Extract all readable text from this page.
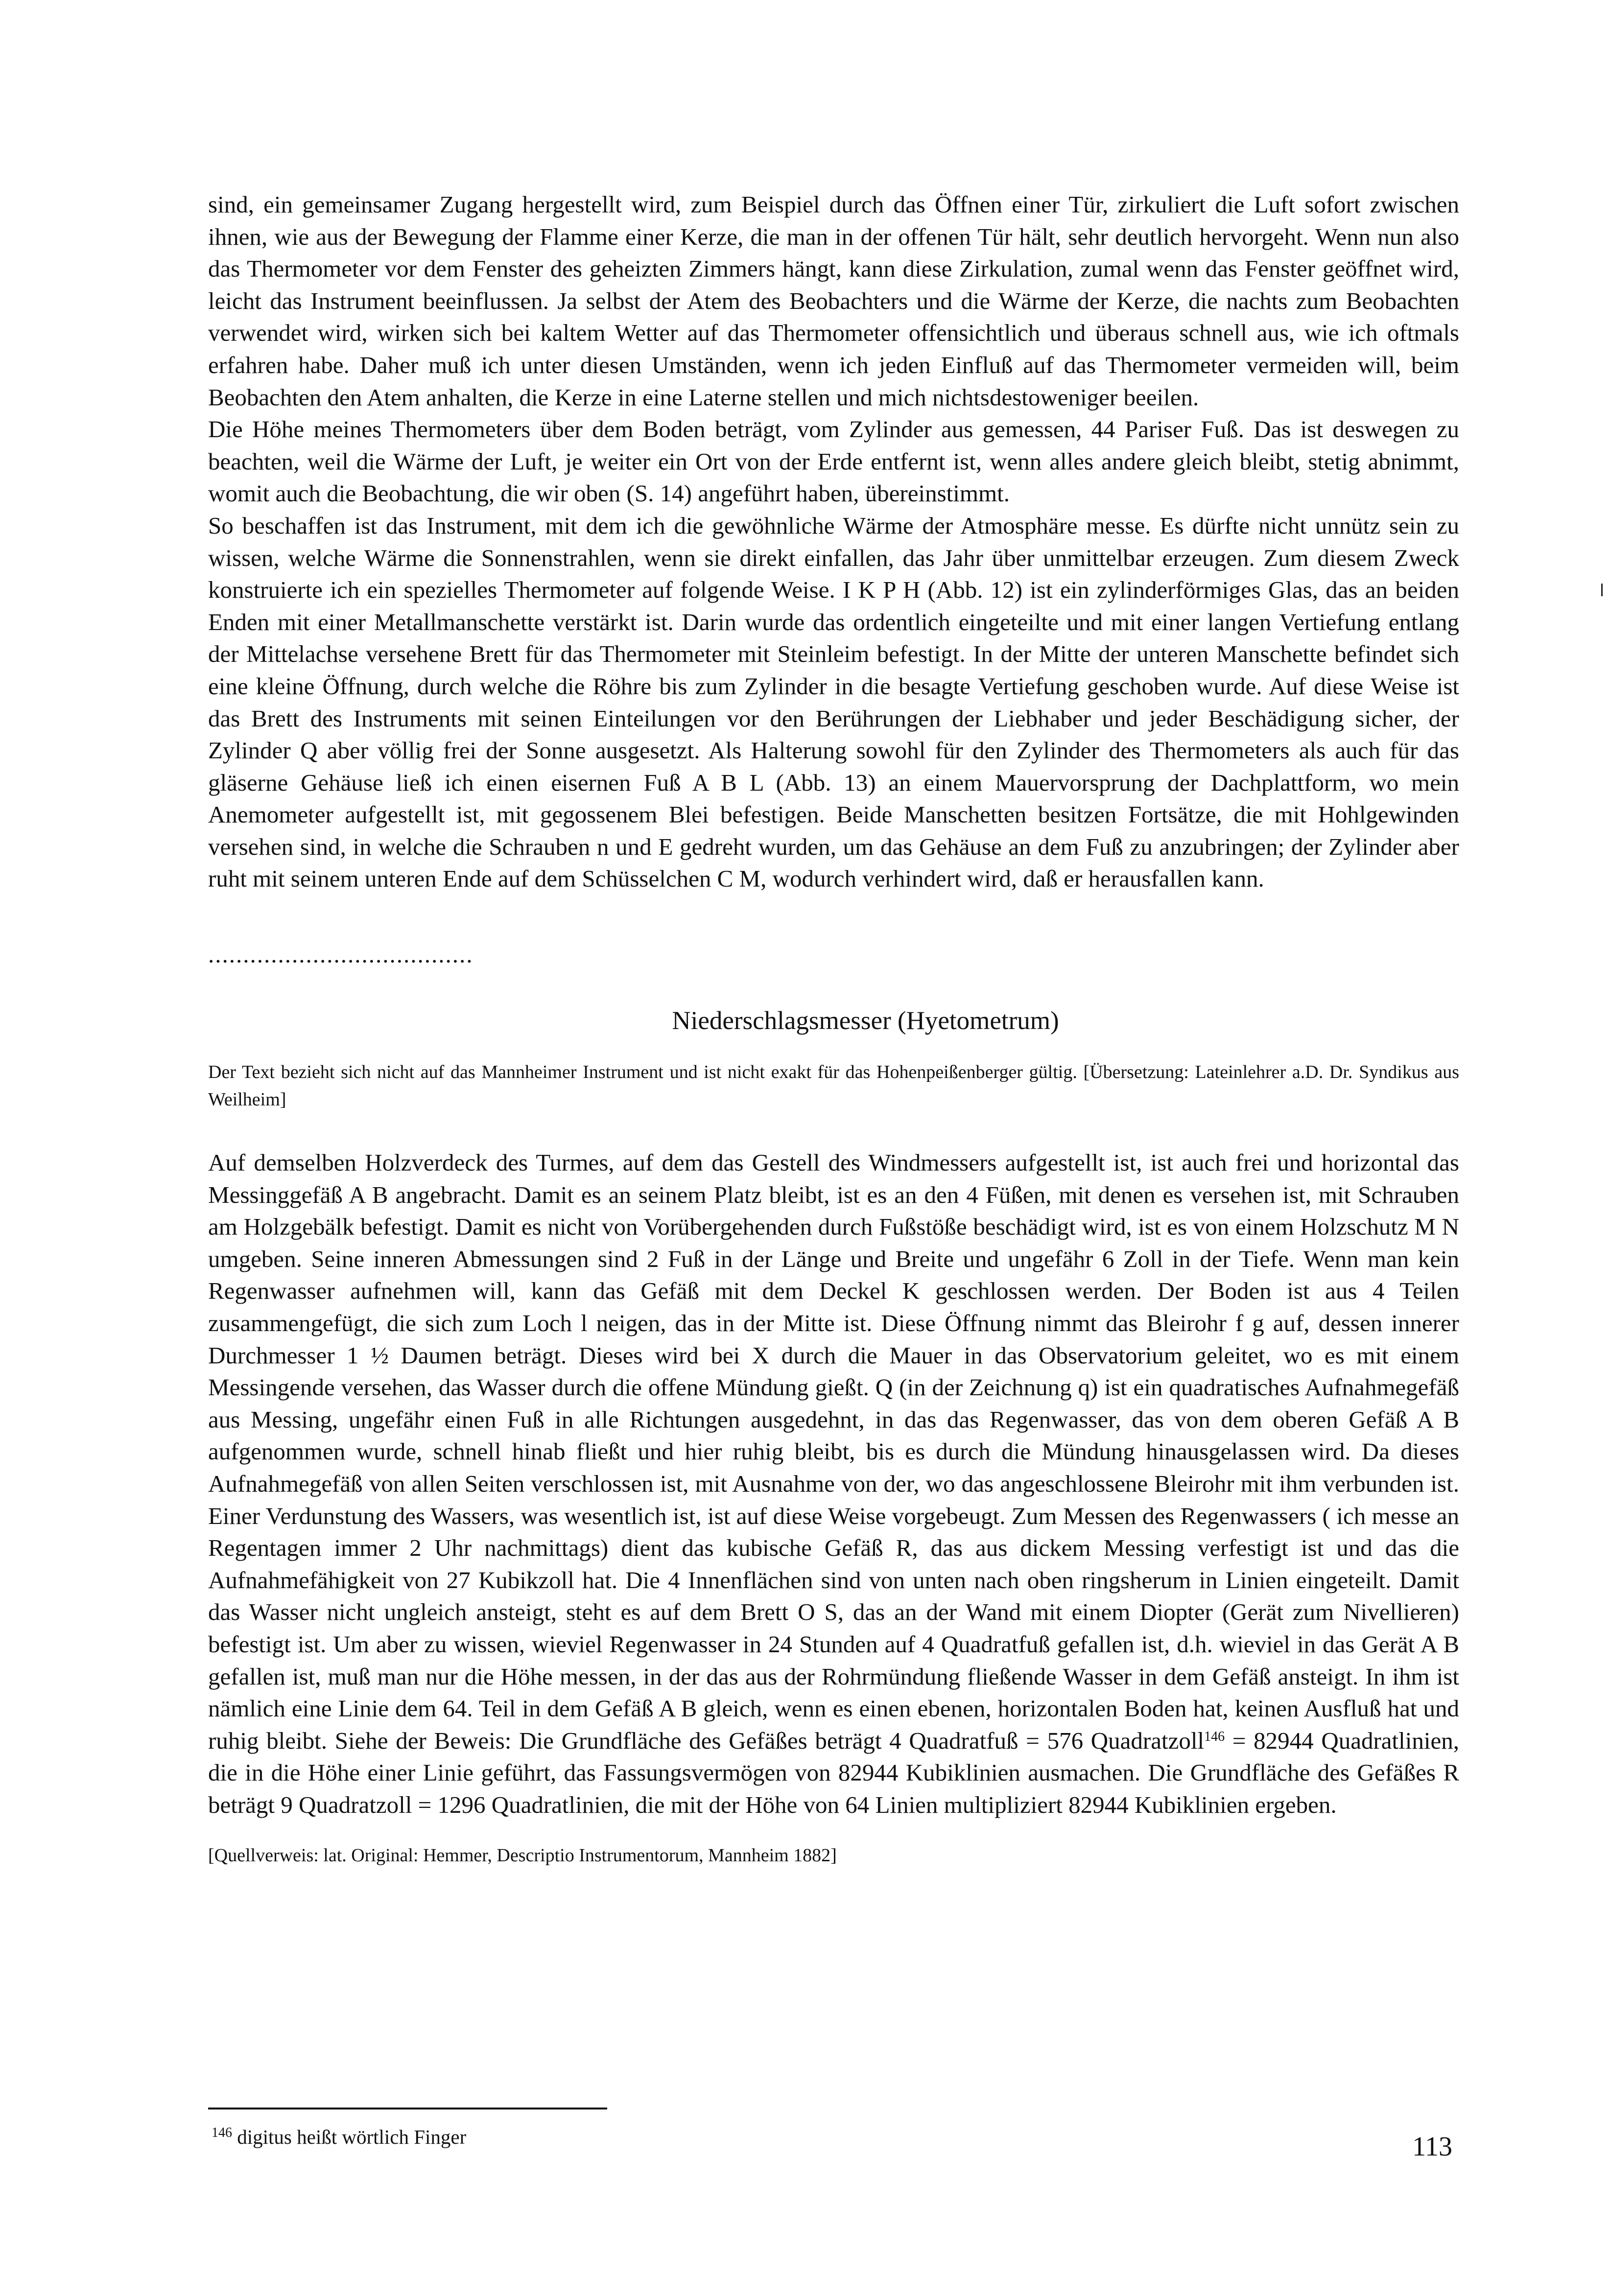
sind, ein gemeinsamer Zugang hergestellt wird, zum Beispiel durch das Öffnen einer Tür, zirkuliert die Luft sofort zwischen ihnen, wie aus der Bewegung der Flamme einer Kerze, die man in der offenen Tür hält, sehr deutlich hervorgeht. Wenn nun also das Thermometer vor dem Fenster des geheizten Zimmers hängt, kann diese Zirkulation, zumal wenn das Fenster geöffnet wird, leicht das Instrument beeinflussen. Ja selbst der Atem des Beobachters und die Wärme der Kerze, die nachts zum Beobachten verwendet wird, wirken sich bei kaltem Wetter auf das Thermometer offensichtlich und überaus schnell aus, wie ich oftmals erfahren habe. Daher muß ich unter diesen Umständen, wenn ich jeden Einfluß auf das Thermometer vermeiden will, beim Beobachten den Atem anhalten, die Kerze in eine Laterne stellen und mich nichtsdestoweniger beeilen.

Die Höhe meines Thermometers über dem Boden beträgt, vom Zylinder aus gemessen, 44 Pariser Fuß. Das ist deswegen zu beachten, weil die Wärme der Luft, je weiter ein Ort von der Erde entfernt ist, wenn alles andere gleich bleibt, stetig abnimmt, womit auch die Beobachtung, die wir oben (S. 14) angeführt haben, übereinstimmt.

So beschaffen ist das Instrument, mit dem ich die gewöhnliche Wärme der Atmosphäre messe. Es dürfte nicht unnütz sein zu wissen, welche Wärme die Sonnenstrahlen, wenn sie direkt einfallen, das Jahr über unmittelbar erzeugen. Zum diesem Zweck konstruierte ich ein spezielles Thermometer auf folgende Weise. I K P H (Abb. 12) ist ein zylinderförmiges Glas, das an beiden Enden mit einer Metallmanschette verstärkt ist. Darin wurde das ordentlich eingeteilte und mit einer langen Vertiefung entlang der Mittelachse versehene Brett für das Thermometer mit Steinleim befestigt. In der Mitte der unteren Manschette befindet sich eine kleine Öffnung, durch welche die Röhre bis zum Zylinder in die besagte Vertiefung geschoben wurde. Auf diese Weise ist das Brett des Instruments mit seinen Einteilungen vor den Berührungen der Liebhaber und jeder Beschädigung sicher, der Zylinder Q aber völlig frei der Sonne ausgesetzt. Als Halterung sowohl für den Zylinder des Thermometers als auch für das gläserne Gehäuse ließ ich einen eisernen Fuß A B L (Abb. 13) an einem Mauervorsprung der Dachplattform, wo mein Anemometer aufgestellt ist, mit gegossenem Blei befestigen. Beide Manschetten besitzen Fortsätze, die mit Hohlgewinden versehen sind, in welche die Schrauben n und E gedreht wurden, um das Gehäuse an dem Fuß zu anzubringen; der Zylinder aber ruht mit seinem unteren Ende auf dem Schüsselchen C M, wodurch verhindert wird, daß er herausfallen kann.

......................................
Niederschlagsmesser (Hyetometrum)
Der Text bezieht sich nicht auf das Mannheimer Instrument und ist nicht exakt für das Hohenpeißenberger gültig. [Übersetzung: Lateinlehrer a.D. Dr. Syndikus aus Weilheim]

Auf demselben Holzverdeck des Turmes, auf dem das Gestell des Windmessers aufgestellt ist, ist auch frei und horizontal das Messinggefäß A B angebracht. Damit es an seinem Platz bleibt, ist es an den 4 Füßen, mit denen es versehen ist, mit Schrauben am Holzgebälk befestigt. Damit es nicht von Vorübergehenden durch Fußstöße beschädigt wird, ist es von einem Holzschutz M N umgeben. Seine inneren Abmessungen sind 2 Fuß in der Länge und Breite und ungefähr 6 Zoll in der Tiefe. Wenn man kein Regenwasser aufnehmen will, kann das Gefäß mit dem Deckel K geschlossen werden. Der Boden ist aus 4 Teilen zusammengefügt, die sich zum Loch l neigen, das in der Mitte ist. Diese Öffnung nimmt das Bleirohr f g auf, dessen innerer Durchmesser 1 ½ Daumen beträgt. Dieses wird bei X durch die Mauer in das Observatorium geleitet, wo es mit einem Messingende versehen, das Wasser durch die offene Mündung gießt. Q (in der Zeichnung q) ist ein quadratisches Aufnahmegefäß aus Messing, ungefähr einen Fuß in alle Richtungen ausgedehnt, in das das Regenwasser, das von dem oberen Gefäß A B aufgenommen wurde, schnell hinab fließt und hier ruhig bleibt, bis es durch die Mündung hinausgelassen wird. Da dieses Aufnahmegefäß von allen Seiten verschlossen ist, mit Ausnahme von der, wo das angeschlossene Bleirohr mit ihm verbunden ist. Einer Verdunstung des Wassers, was wesentlich ist, ist auf diese Weise vorgebeugt. Zum Messen des Regenwassers ( ich messe an Regentagen immer 2 Uhr nachmittags) dient das kubische Gefäß R, das aus dickem Messing verfestigt ist und das die Aufnahmefähigkeit von 27 Kubikzoll hat. Die 4 Innenflächen sind von unten nach oben ringsherum in Linien eingeteilt. Damit das Wasser nicht ungleich ansteigt, steht es auf dem Brett O S, das an der Wand mit einem Diopter (Gerät zum Nivellieren) befestigt ist. Um aber zu wissen, wieviel Regenwasser in 24 Stunden auf 4 Quadratfuß gefallen ist, d.h. wieviel in das Gerät A B gefallen ist, muß man nur die Höhe messen, in der das aus der Rohrmündung fließende Wasser in dem Gefäß ansteigt. In ihm ist nämlich eine Linie dem 64. Teil in dem Gefäß A B gleich, wenn es einen ebenen, horizontalen Boden hat, keinen Ausfluß hat und ruhig bleibt. Siehe der Beweis: Die Grundfläche des Gefäßes beträgt 4 Quadratfuß = 576 Quadratzoll$^{146}$ = 82944 Quadratlinien, die in die Höhe einer Linie geführt, das Fassungsvermögen von 82944 Kubiklinien ausmachen. Die Grundfläche des Gefäßes R beträgt 9 Quadratzoll = 1296 Quadratlinien, die mit der Höhe von 64 Linien multipliziert 82944 Kubiklinien ergeben.

[Quellverweis: lat. Original: Hemmer, Descriptio Instrumentorum, Mannheim 1882]
$^{146}$ digitus heißt wörtlich Finger	113
